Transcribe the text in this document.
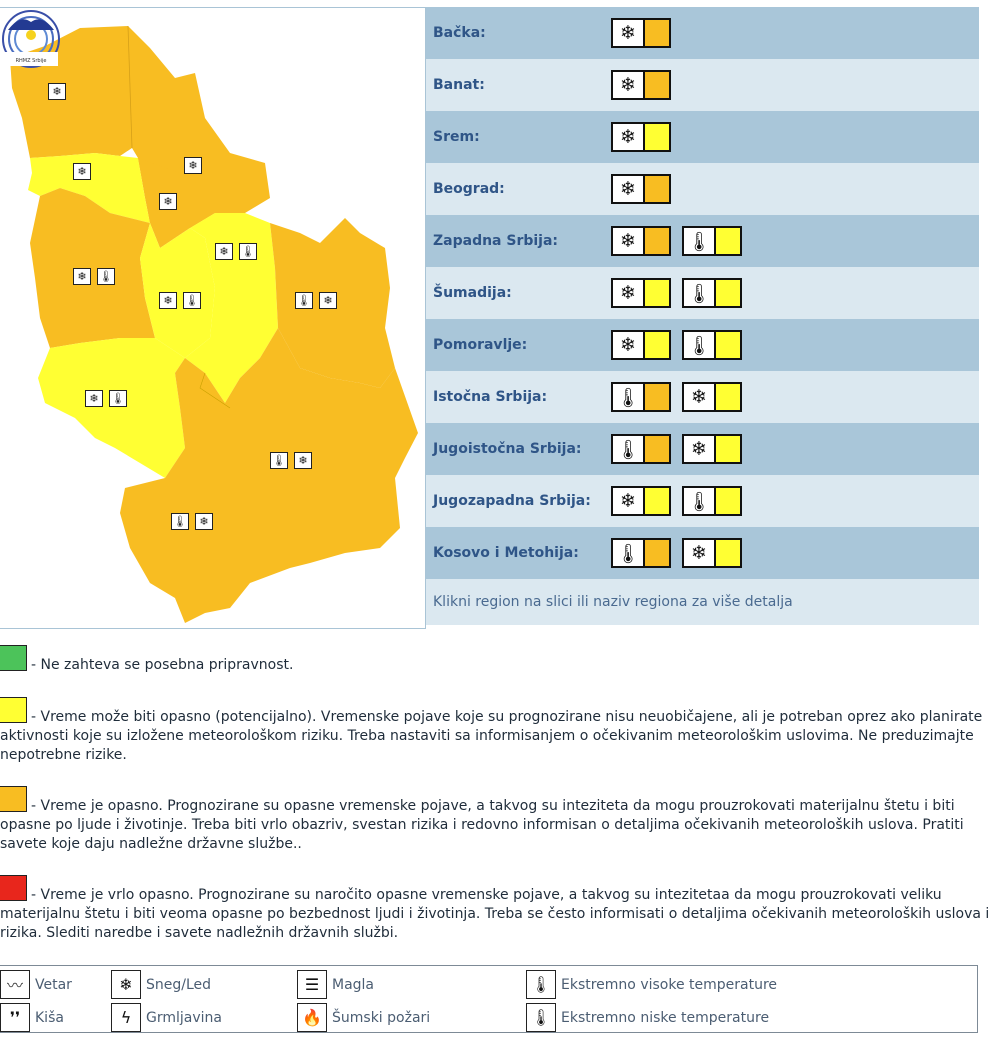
RHMZ Srbije
❄
❄	❄
❄
❄	🌡
❄	🌡
❄	🌡	🌡	❄
❄	🌡
🌡	❄
🌡	❄
Bačka:	❄
Banat:	❄
Srem:	❄
Beograd:	❄
Zapadna Srbija:	❄	🌡
Šumadija:	❄	🌡
Pomoravlje:	❄	🌡
Istočna Srbija:	🌡	❄
Jugoistočna Srbija:	🌡	❄
Jugozapadna Srbija:	❄	🌡
Kosovo i Metohija:	🌡	❄
Klikni region na slici ili naziv regiona za više detalja
- Ne zahteva se posebna pripravnost.
- Vreme može biti opasno (potencijalno). Vremenske pojave koje su prognozirane nisu neuobičajene, ali je potreban oprez ako planirate aktivnosti koje su izložene meteorološkom riziku. Treba nastaviti sa informisanjem o očekivanim meteorološkim uslovima. Ne preduzimajte nepotrebne rizike.
- Vreme je opasno. Prognozirane su opasne vremenske pojave, a takvog su inteziteta da mogu prouzrokovati materijalnu štetu i biti opasne po ljude i životinje. Treba biti vrlo obazriv, svestan rizika i redovno informisan o detaljima očekivanih meteoroloških uslova. Pratiti savete koje daju nadležne državne službe..
- Vreme je vrlo opasno. Prognozirane su naročito opasne vremenske pojave, a takvog su intezitetaa da mogu prouzrokovati veliku materijalnu štetu i biti veoma opasne po bezbednost ljudi i životinja. Treba se često informisati o detaljima očekivanih meteoroloških uslova i rizika. Slediti naredbe i savete nadležnih državnih službi.
〰 Vetar
❜❜	Kiša
❄ Sneg/Led
ϟ	Grmljavina
☰ Magla
🔥 Šumski požari
🌡 Ekstremno visoke temperature
🌡 Ekstremno niske temperature
